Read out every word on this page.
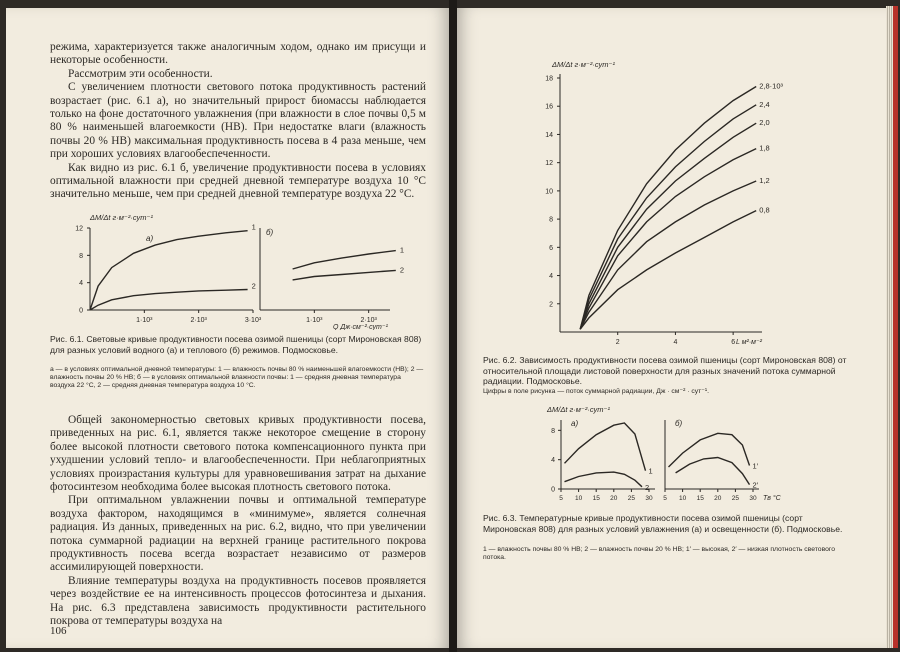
режима, характеризуется также аналогичным ходом, однако им присущи и некоторые особенности.

Рассмотрим эти особенности.

С увеличением плотности светового потока продуктивность растений возрастает (рис. 6.1 а), но значительный прирост биомассы наблюдается только на фоне достаточного увлажнения (при влажности в слое почвы 0,5 м 80 % наименьшей влагоемкости (НВ). При недостатке влаги (влажность почвы 20 % НВ) максимальная продуктивность посева в 4 раза меньше, чем при хороших условиях влагообеспеченности.

Как видно из рис. 6.1 б, увеличение продуктивности посева в условиях оптимальной влажности при средней дневной температуре воздуха 10 °С значительно меньше, чем при средней дневной температуре воздуха 22 °С.

ΔM/Δt г·м⁻²·сут⁻¹
12
8
4
0
1·10³	2·10³	3·10³	1·10³	2·10³
а)
б)
Q Дж·см⁻²·сут⁻¹
1
2
1
2
Рис. 6.1. Световые кривые продуктивности посева озимой пшеницы (сорт Мироновская 808) для разных условий водного (а) и теплового (б) режимов. Подмосковье.
а — в условиях оптимальной дневной температуры: 1 — влажность почвы 80 % наименьшей влагоемкости (НВ); 2 — влажность почвы 20 % НВ; б — в условиях оптимальной влажности почвы: 1 — средняя дневная температура воздуха 22 °С, 2 — средняя дневная температура воздуха 10 °С.

Общей закономерностью световых кривых продуктивности посева, приведенных на рис. 6.1, является также некоторое смещение в сторону более высокой плотности светового потока компенсационного пункта при ухудшении условий тепло- и влагообеспеченности. При неблагоприятных условиях произрастания культуры для уравновешивания затрат на дыхание фотосинтезом необходима более высокая плотность светового потока.

При оптимальном увлажнении почвы и оптимальной температуре воздуха фактором, находящимся в «минимуме», является солнечная радиация. Из данных, приведенных на рис. 6.2, видно, что при увеличении потока суммарной радиации на верхней границе растительного покрова продуктивность посева всегда возрастает независимо от размеров ассимилирующей поверхности.

Влияние температуры воздуха на продуктивность посевов проявляется через воздействие ее на интенсивность процессов фотосинтеза и дыхания. На рис. 6.3 представлена зависимость продуктивности растительного покрова от температуры воздуха на

106
ΔM/Δt г·м⁻²·сут⁻¹
18
16
14
12
10
8
6
4
2
2	4	6 L м²·м⁻²
2,8·10³
2,4
2,0
1,8
1,2
0,8
Рис. 6.2. Зависимость продуктивности посева озимой пшеницы (сорт Мироновская 808) от относительной площади листовой поверхности для разных значений потока суммарной радиации. Подмосковье.
Цифры в поле рисунка — поток суммарной радиации, Дж · см⁻² · сут⁻¹.
ΔM/Δt г·м⁻²·сут⁻¹
8
4
0
5	5
10	10
15	15
20	20
25	25
30	30
а)	б)
Tв °С
1
2
1′
2′
Рис. 6.3. Температурные кривые продуктивности посева озимой пшеницы (сорт Мироновская 808) для разных условий увлажнения (а) и освещенности (б). Подмосковье.
1 — влажность почвы 80 % НВ; 2 — влажность почвы 20 % НВ; 1′ — высокая, 2′ — низкая плотность светового потока.
